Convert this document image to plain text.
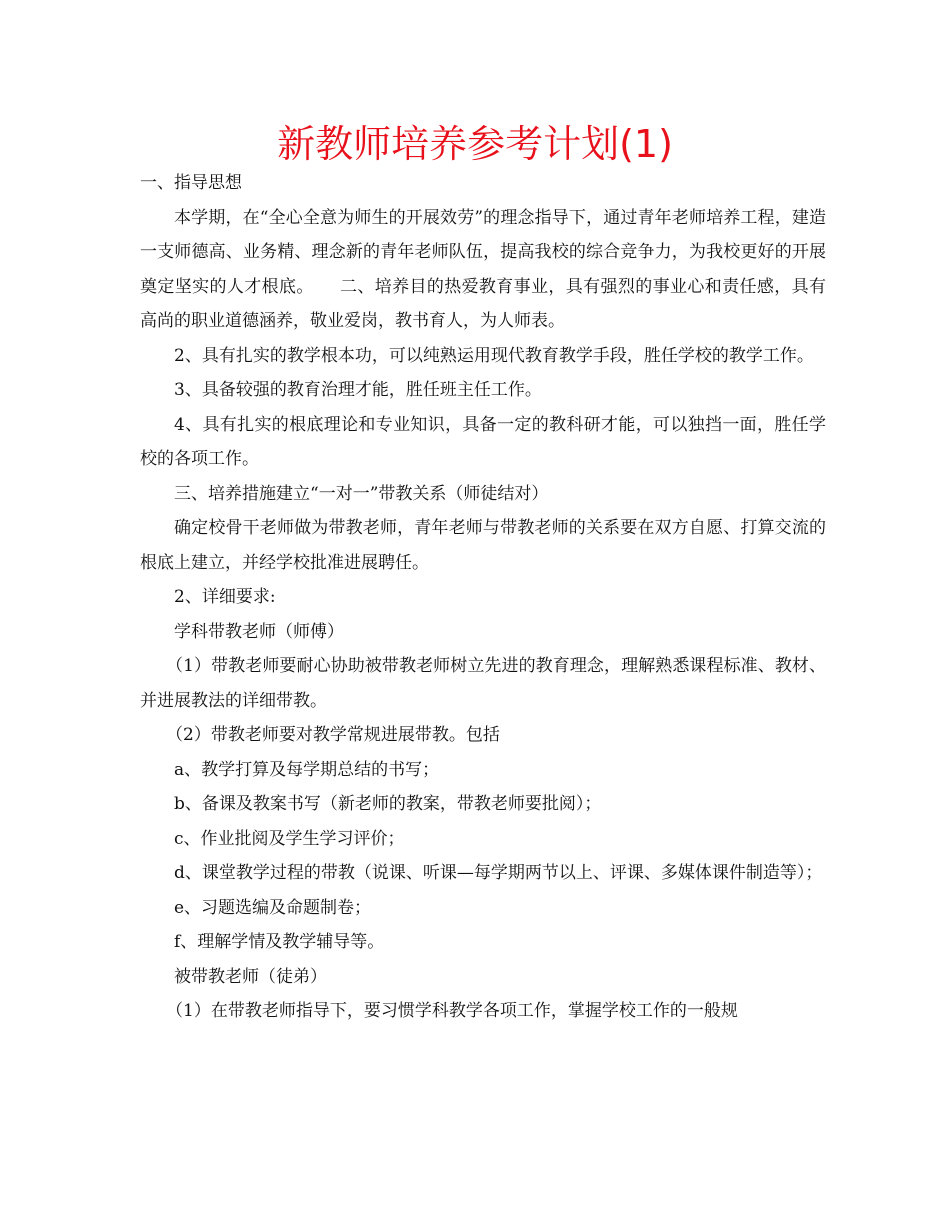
新教师培养参考计划(1)

一、指导思想

本学期，在“全心全意为师生的开展效劳”的理念指导下，通过青年老师培养工程，建造一支师德高、业务精、理念新的青年老师队伍，提高我校的综合竞争力，为我校更好的开展奠定坚实的人才根底。　　二、培养目的热爱教育事业，具有强烈的事业心和责任感，具有高尚的职业道德涵养，敬业爱岗，教书育人，为人师表。

2、具有扎实的教学根本功，可以纯熟运用现代教育教学手段，胜任学校的教学工作。

3、具备较强的教育治理才能，胜任班主任工作。

4、具有扎实的根底理论和专业知识，具备一定的教科研才能，可以独挡一面，胜任学校的各项工作。

三、培养措施建立“一对一”带教关系（师徒结对）

确定校骨干老师做为带教老师，青年老师与带教老师的关系要在双方自愿、打算交流的根底上建立，并经学校批准进展聘任。

2、详细要求:

学科带教老师（师傅）

（1）带教老师要耐心协助被带教老师树立先进的教育理念，理解熟悉课程标准、教材、并进展教法的详细带教。

（2）带教老师要对教学常规进展带教。包括

a、教学打算及每学期总结的书写；

b、备课及教案书写（新老师的教案，带教老师要批阅）；

c、作业批阅及学生学习评价；

d、课堂教学过程的带教（说课、听课—每学期两节以上、评课、多媒体课件制造等）；

e、习题选编及命题制卷；

f、理解学情及教学辅导等。

被带教老师（徒弟）

（1）在带教老师指导下，要习惯学科教学各项工作，掌握学校工作的一般规
